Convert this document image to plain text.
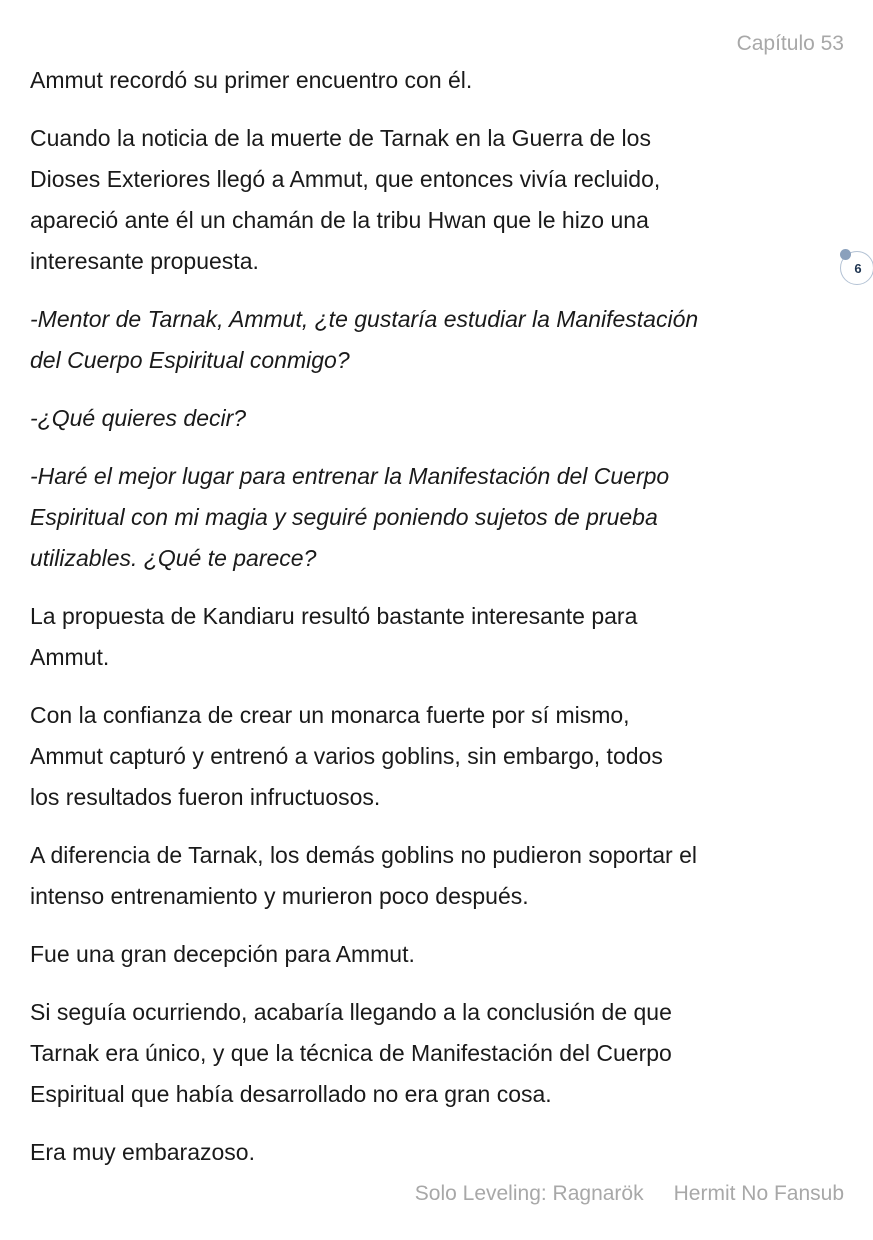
Capítulo 53

Ammut recordó su primer encuentro con él.

Cuando la noticia de la muerte de Tarnak en la Guerra de los
Dioses Exteriores llegó a Ammut, que entonces vivía recluido,
apareció ante él un chamán de la tribu Hwan que le hizo una
interesante propuesta.

-Mentor de Tarnak, Ammut, ¿te gustaría estudiar la Manifestación
del Cuerpo Espiritual conmigo?

-¿Qué quieres decir?

-Haré el mejor lugar para entrenar la Manifestación del Cuerpo
Espiritual con mi magia y seguiré poniendo sujetos de prueba
utilizables. ¿Qué te parece?

La propuesta de Kandiaru resultó bastante interesante para
Ammut.

Con la confianza de crear un monarca fuerte por sí mismo,
Ammut capturó y entrenó a varios goblins, sin embargo, todos
los resultados fueron infructuosos.

A diferencia de Tarnak, los demás goblins no pudieron soportar el
intenso entrenamiento y murieron poco después.

Fue una gran decepción para Ammut.

Si seguía ocurriendo, acabaría llegando a la conclusión de que
Tarnak era único, y que la técnica de Manifestación del Cuerpo
Espiritual que había desarrollado no era gran cosa.

Era muy embarazoso.

6
Solo Leveling: Ragnarök Hermit No Fansub
